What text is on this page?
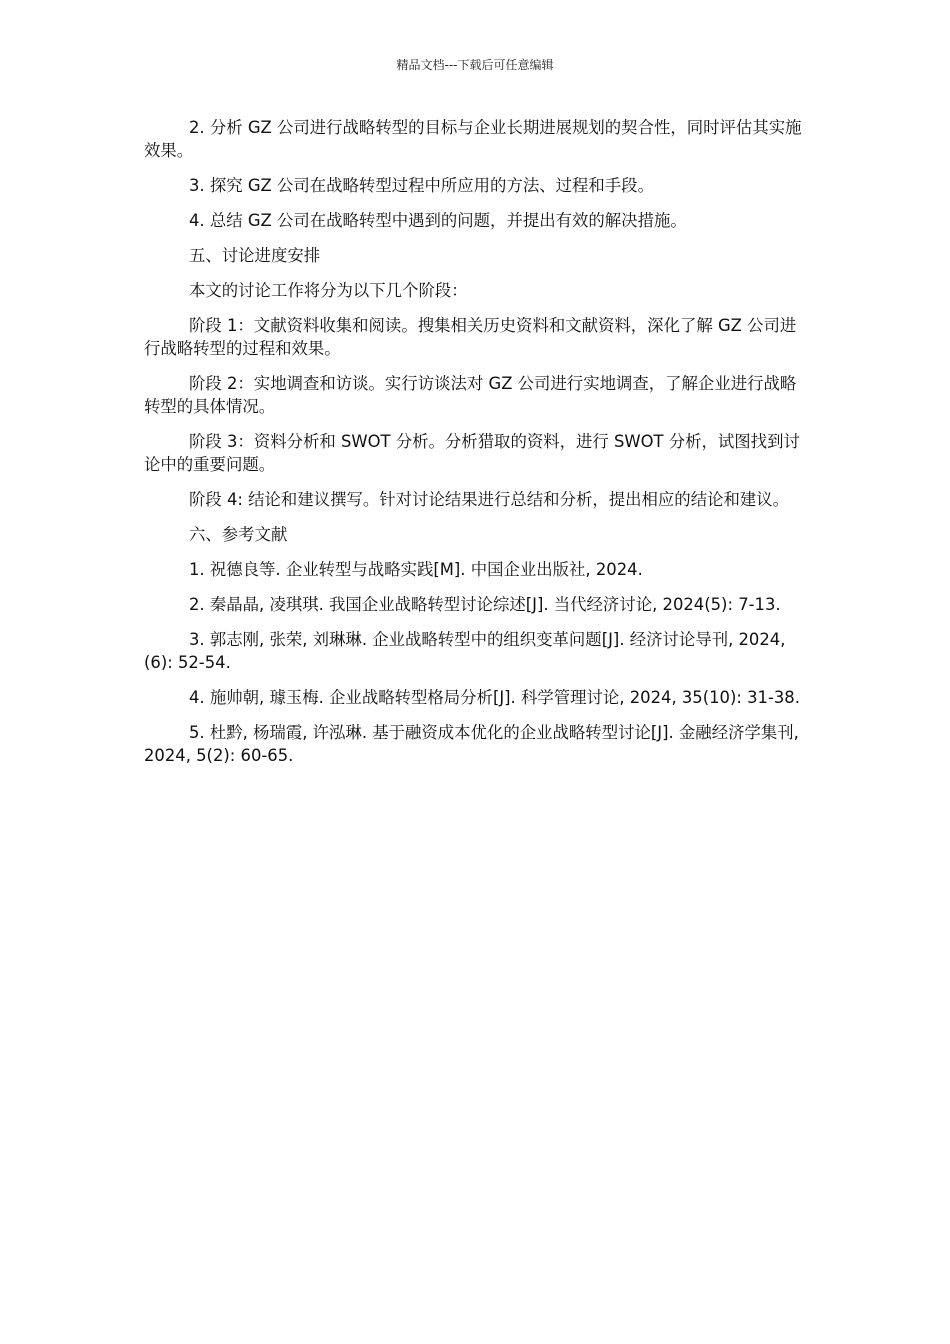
精品文档---下载后可任意编辑

2. 分析 GZ 公司进行战略转型的目标与企业长期进展规划的契合性，同时评估其实施效果。

3. 探究 GZ 公司在战略转型过程中所应用的方法、过程和手段。

4. 总结 GZ 公司在战略转型中遇到的问题，并提出有效的解决措施。

五、讨论进度安排

本文的讨论工作将分为以下几个阶段：

阶段 1：文献资料收集和阅读。搜集相关历史资料和文献资料，深化了解 GZ 公司进行战略转型的过程和效果。

阶段 2：实地调查和访谈。实行访谈法对 GZ 公司进行实地调查，了解企业进行战略转型的具体情况。

阶段 3：资料分析和 SWOT 分析。分析猎取的资料，进行 SWOT 分析，试图找到讨论中的重要问题。

阶段 4: 结论和建议撰写。针对讨论结果进行总结和分析，提出相应的结论和建议。

六、参考文献

1. 祝德良等. 企业转型与战略实践[M]. 中国企业出版社, 2024.

2. 秦晶晶, 凌琪琪. 我国企业战略转型讨论综述[J]. 当代经济讨论, 2024(5): 7-13.

3. 郭志刚, 张荣, 刘琳琳. 企业战略转型中的组织变革问题[J]. 经济讨论导刊, 2024, (6): 52-54.

4. 施帅朝, 璩玉梅. 企业战略转型格局分析[J]. 科学管理讨论, 2024, 35(10): 31-38.

5. 杜黔, 杨瑞霞, 许泓琳. 基于融资成本优化的企业战略转型讨论[J]. 金融经济学集刊, 2024, 5(2): 60-65.
